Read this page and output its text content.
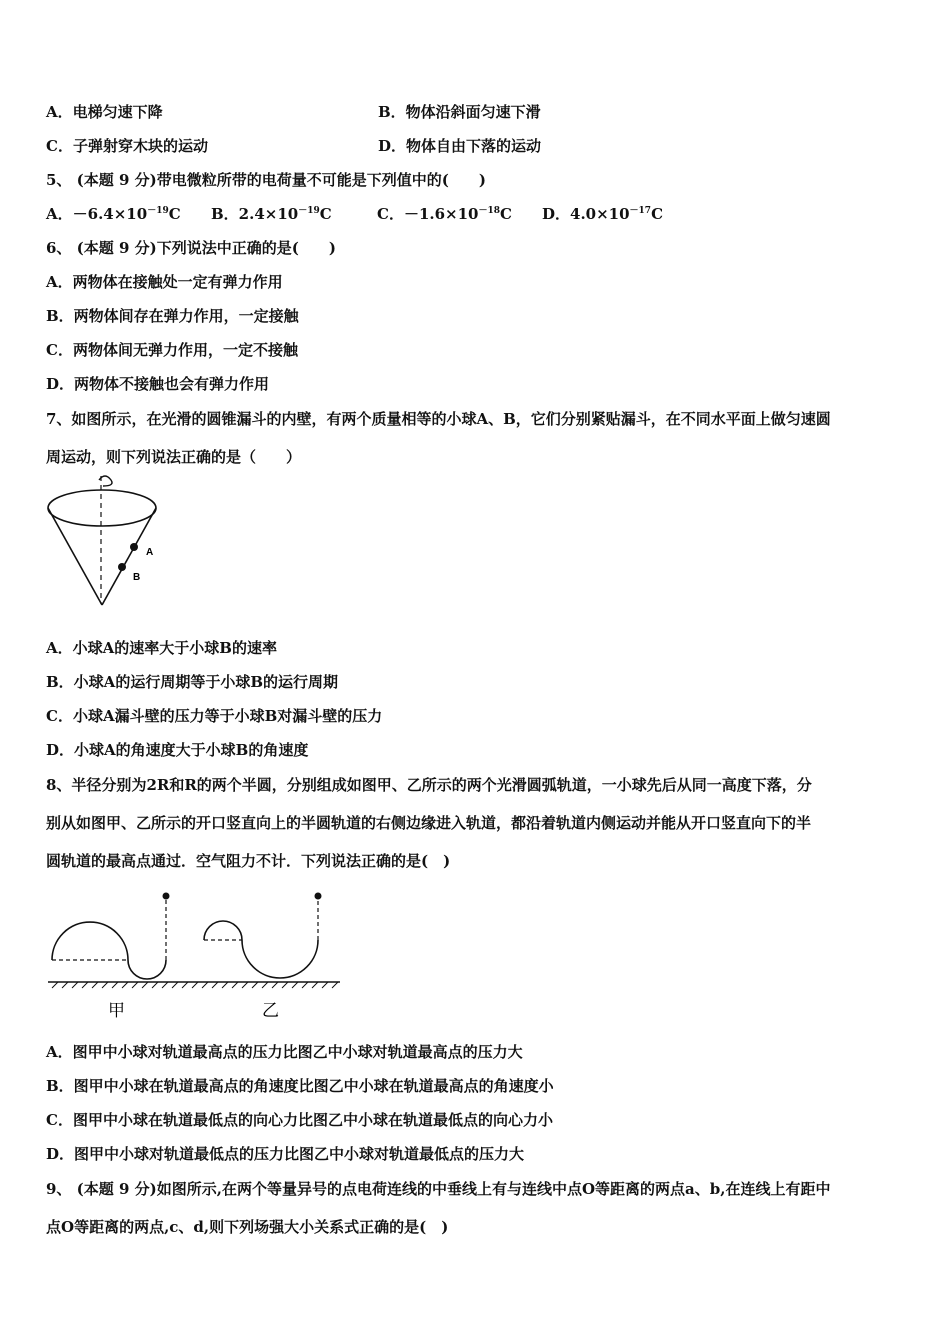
A．电梯匀速下降	B．物体沿斜面匀速下滑
C．子弹射穿木块的运动	D．物体自由下落的运动
5、 (本题 9 分)带电微粒所带的电荷量不可能是下列值中的(　　)
A．$-6.4\times 10^{-19}C$ B．$2.4\times 10^{-19}C$	C．$-1.6\times 10^{-18}C$ D．$4.0\times 10^{-17}C$
6、 (本题 9 分)下列说法中正确的是(　　)
A．两物体在接触处一定有弹力作用
B．两物体间存在弹力作用，一定接触
C．两物体间无弹力作用，一定不接触
D．两物体不接触也会有弹力作用
7、如图所示，在光滑的圆锥漏斗的内壁，有两个质量相等的小球A、B，它们分别紧贴漏斗，在不同水平面上做匀速圆
周运动，则下列说法正确的是（　　）
A
B
A．小球A的速率大于小球B的速率
B．小球A的运行周期等于小球B的运行周期
C．小球A漏斗壁的压力等于小球B对漏斗壁的压力
D．小球A的角速度大于小球B的角速度
8、半径分别为2R和R的两个半圆，分别组成如图甲、乙所示的两个光滑圆弧轨道，一小球先后从同一高度下落，分
别从如图甲、乙所示的开口竖直向上的半圆轨道的右侧边缘进入轨道，都沿着轨道内侧运动并能从开口竖直向下的半
圆轨道的最高点通过．空气阻力不计．下列说法正确的是(　)
甲	乙
A．图甲中小球对轨道最高点的压力比图乙中小球对轨道最高点的压力大
B．图甲中小球在轨道最高点的角速度比图乙中小球在轨道最高点的角速度小
C．图甲中小球在轨道最低点的向心力比图乙中小球在轨道最低点的向心力小
D．图甲中小球对轨道最低点的压力比图乙中小球对轨道最低点的压力大
9、 (本题 9 分)如图所示,在两个等量异号的点电荷连线的中垂线上有与连线中点O等距离的两点a、b,在连线上有距中
点O等距离的两点,c、d,则下列场强大小关系式正确的是(　)
